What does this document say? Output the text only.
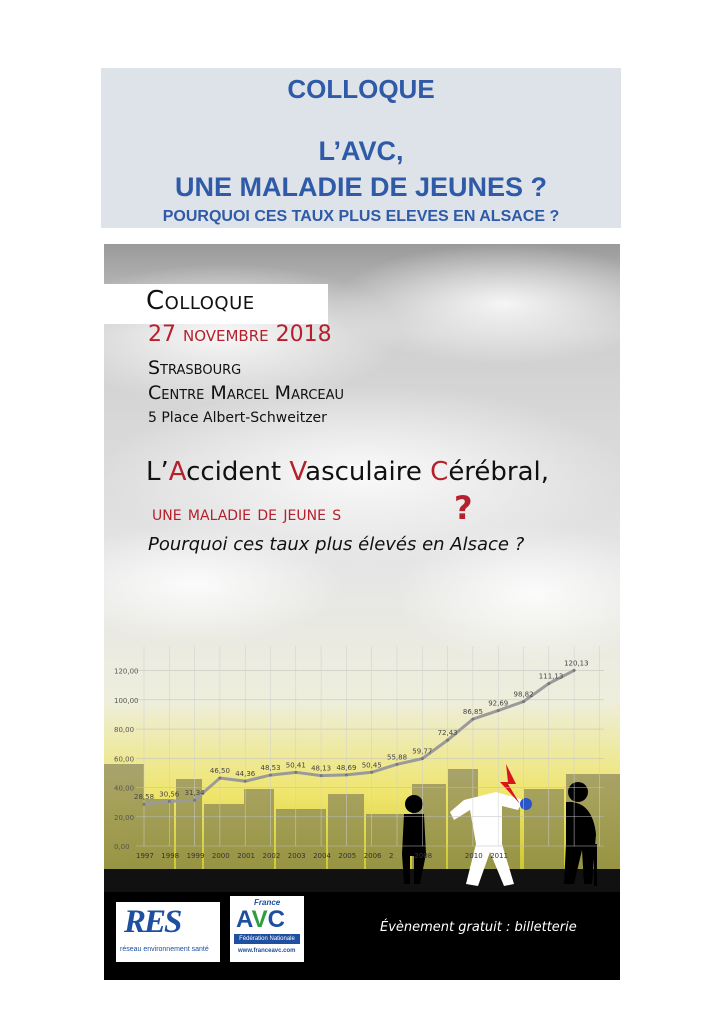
COLLOQUE
L’AVC,
UNE MALADIE DE JEUNES ?
POURQUOI CES TAUX PLUS ELEVES EN ALSACE ?
0,00
20,00
40,00
60,00
80,00
100,00
120,00
1997 1998 1999 2000 2001 2002 2003 2004 2005 2006 2	2008	2010 2011
28,58 30,56 31,34
46,50 44,36
48,53 50,41 48,13 48,69 50,45
55,88
59,77
72,43
86,85
92,69
98,82
111,13
120,13
Colloque
27 novembre 2018
Strasbourg
Centre Marcel Marceau
5 Place Albert-Schweitzer
L’Accident Vasculaire Cérébral,
une maladie de jeune s	?
Pourquoi ces taux plus élevés en Alsace ?
Évènement gratuit : billetterie
RES
réseau environnement santé
France
AVC
Fédération Nationale
www.franceavc.com
